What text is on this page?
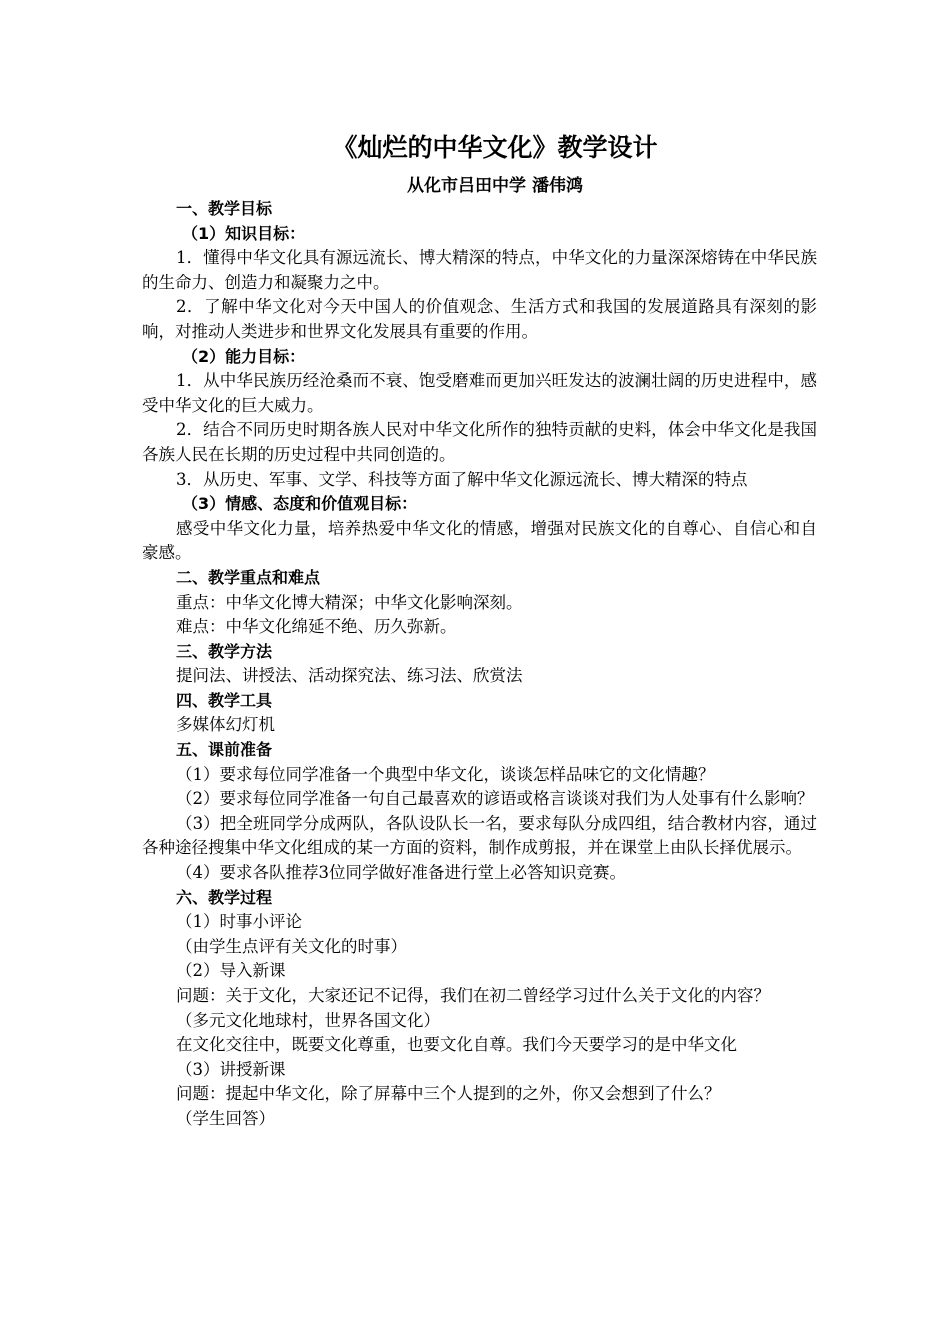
《灿烂的中华文化》教学设计
从化市吕田中学 潘伟鸿

一、教学目标

（1）知识目标：

1．懂得中华文化具有源远流长、博大精深的特点，中华文化的力量深深熔铸在中华民族的生命力、创造力和凝聚力之中。

2．了解中华文化对今天中国人的价值观念、生活方式和我国的发展道路具有深刻的影响，对推动人类进步和世界文化发展具有重要的作用。

（2）能力目标：

1．从中华民族历经沧桑而不衰、饱受磨难而更加兴旺发达的波澜壮阔的历史进程中，感受中华文化的巨大威力。

2．结合不同历史时期各族人民对中华文化所作的独特贡献的史料，体会中华文化是我国各族人民在长期的历史过程中共同创造的。

3．从历史、军事、文学、科技等方面了解中华文化源远流长、博大精深的特点

（3）情感、态度和价值观目标：

感受中华文化力量，培养热爱中华文化的情感，增强对民族文化的自尊心、自信心和自豪感。

二、教学重点和难点

重点：中华文化博大精深；中华文化影响深刻。

难点：中华文化绵延不绝、历久弥新。

三、教学方法

提问法、讲授法、活动探究法、练习法、欣赏法

四、教学工具

多媒体幻灯机

五、课前准备

（1）要求每位同学准备一个典型中华文化，谈谈怎样品味它的文化情趣？

（2）要求每位同学准备一句自己最喜欢的谚语或格言谈谈对我们为人处事有什么影响？

（3）把全班同学分成两队，各队设队长一名，要求每队分成四组，结合教材内容，通过各种途径搜集中华文化组成的某一方面的资料，制作成剪报，并在课堂上由队长择优展示。

（4）要求各队推荐3位同学做好准备进行堂上必答知识竞赛。

六、教学过程

（1）时事小评论

（由学生点评有关文化的时事）

（2）导入新课

问题：关于文化，大家还记不记得，我们在初二曾经学习过什么关于文化的内容？

（多元文化地球村，世界各国文化）

在文化交往中，既要文化尊重，也要文化自尊。我们今天要学习的是中华文化

（3）讲授新课

问题：提起中华文化，除了屏幕中三个人提到的之外，你又会想到了什么？

（学生回答）
